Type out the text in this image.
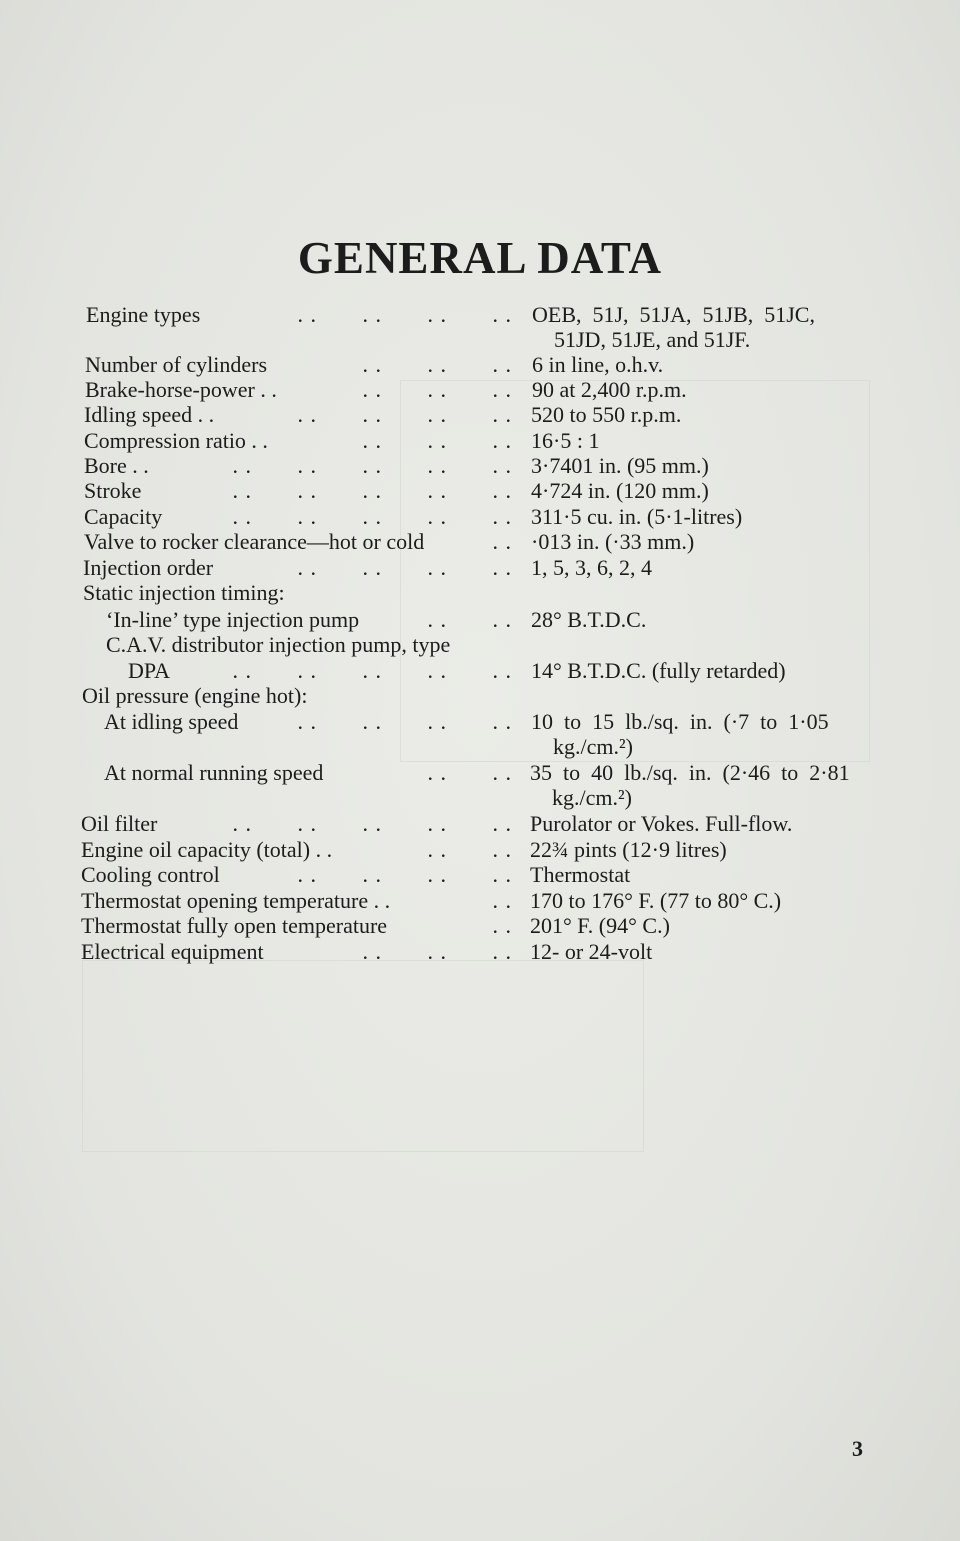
GENERAL DATA
Engine types	. .       . .       . .       . . OEB,  51J,  51JA,  51JB,  51JC,
51JD, 51JE, and 51JF.
Number of cylinders	. .       . .       . . 6 in line, o.h.v.
Brake-horse-power . .	. .       . .       . . 90 at 2,400 r.p.m.
Idling speed . .	. .       . .       . .       . . 520 to 550 r.p.m.
Compression ratio . .	. .       . .       . . 16·5 : 1
Bore . .	. .       . .       . .       . .       . . 3·7401 in. (95 mm.)
Stroke	. .       . .       . .       . .       . . 4·724 in. (120 mm.)
Capacity	. .       . .       . .       . .       . . 311·5 cu. in. (5·1-litres)
Valve to rocker clearance—hot or cold	. . ·013 in. (·33 mm.)
Injection order	. .       . .       . .       . . 1, 5, 3, 6, 2, 4
Static injection timing:
‘In-line’ type injection pump	. .       . . 28° B.T.D.C.
C.A.V. distributor injection pump, type
DPA	. .       . .       . .       . .       . . 14° B.T.D.C. (fully retarded)
Oil pressure (engine hot):
At idling speed	. .       . .       . .       . . 10  to  15  lb./sq.  in.  (·7  to  1·05
kg./cm.²)
At normal running speed	. .       . . 35  to  40  lb./sq.  in.  (2·46  to  2·81
kg./cm.²)
Oil filter	. .       . .       . .       . .       . . Purolator or Vokes. Full-flow.
Engine oil capacity (total) . .	. .       . . 22¾ pints (12·9 litres)
Cooling control	. .       . .       . .       . . Thermostat
Thermostat opening temperature . .	. . 170 to 176° F. (77 to 80° C.)
Thermostat fully open temperature	. . 201° F. (94° C.)
Electrical equipment	. .       . .       . . 12- or 24-volt
3
